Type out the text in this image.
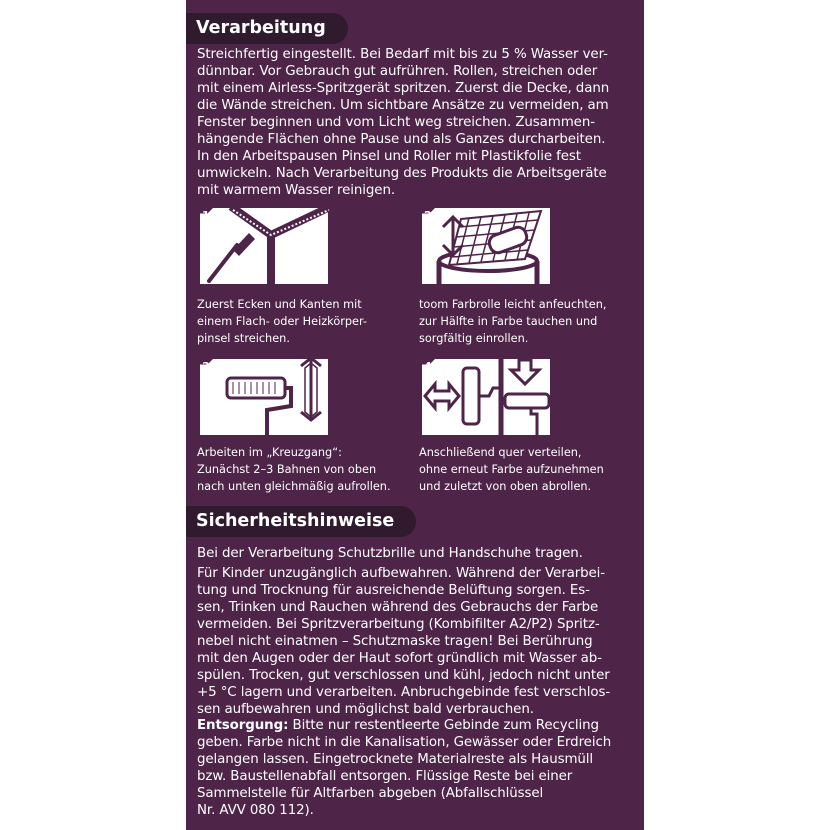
Verarbeitung
Streichfertig eingestellt. Bei Bedarf mit bis zu 5 % Wasser ver-
dünnbar. Vor Gebrauch gut aufrühren. Rollen, streichen oder
mit einem Airless-Spritzgerät spritzen. Zuerst die Decke, dann
die Wände streichen. Um sichtbare Ansätze zu vermeiden, am
Fenster beginnen und vom Licht weg streichen. Zusammen-
hängende Flächen ohne Pause und als Ganzes durcharbeiten.
In den Arbeitspausen Pinsel und Roller mit Plastikfolie fest
umwickeln. Nach Verarbeitung des Produkts die Arbeitsgeräte
mit warmem Wasser reinigen.
1	2
Zuerst Ecken und Kanten mit
einem Flach- oder Heizkörper-
pinsel streichen.
toom Farbrolle leicht anfeuchten,
zur Hälfte in Farbe tauchen und
sorgfältig einrollen.
3	4
Arbeiten im „Kreuzgang“:
Zunächst 2–3 Bahnen von oben
nach unten gleichmäßig aufrollen.
Anschließend quer verteilen,
ohne erneut Farbe aufzunehmen
und zuletzt von oben abrollen.
Sicherheitshinweise
Bei der Verarbeitung Schutzbrille und Handschuhe tragen.
Für Kinder unzugänglich aufbewahren. Während der Verarbei-
tung und Trocknung für ausreichende Belüftung sorgen. Es-
sen, Trinken und Rauchen während des Gebrauchs der Farbe
vermeiden. Bei Spritzverarbeitung (Kombifilter A2/P2) Spritz-
nebel nicht einatmen – Schutzmaske tragen! Bei Berührung
mit den Augen oder der Haut sofort gründlich mit Wasser ab-
spülen. Trocken, gut verschlossen und kühl, jedoch nicht unter
+5 °C lagern und verarbeiten. Anbruchgebinde fest verschlos-
sen aufbewahren und möglichst bald verbrauchen.
Entsorgung: Bitte nur restentleerte Gebinde zum Recycling
geben. Farbe nicht in die Kanalisation, Gewässer oder Erdreich
gelangen lassen. Eingetrocknete Materialreste als Hausmüll
bzw. Baustellenabfall entsorgen. Flüssige Reste bei einer
Sammelstelle für Altfarben abgeben (Abfallschlüssel
Nr. AVV 080 112).
